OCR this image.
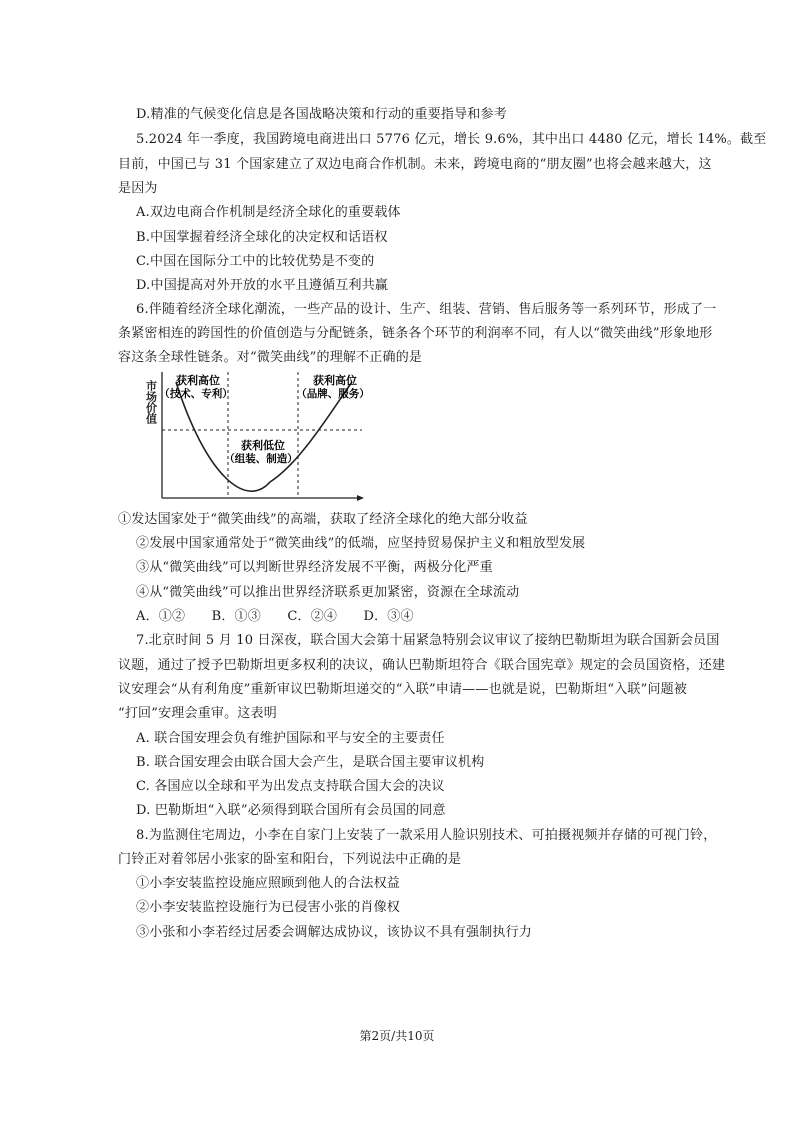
D.精准的气候变化信息是各国战略决策和行动的重要指导和参考
5.2024 年一季度，我国跨境电商进出口 5776 亿元，增长 9.6%，其中出口 4480 亿元，增长 14%。截至
目前，中国已与 31 个国家建立了双边电商合作机制。未来，跨境电商的“朋友圈”也将会越来越大，这
是因为
A.双边电商合作机制是经济全球化的重要载体
B.中国掌握着经济全球化的决定权和话语权
C.中国在国际分工中的比较优势是不变的
D.中国提高对外开放的水平且遵循互利共赢
6.伴随着经济全球化潮流，一些产品的设计、生产、组装、营销、售后服务等一系列环节，形成了一
条紧密相连的跨国性的价值创造与分配链条，链条各个环节的利润率不同，有人以“微笑曲线”形象地形
容这条全球性链条。对“微笑曲线”的理解不正确的是
市场价值 获利高位
（技术、专利）
获利高位
（品牌、服务）
获利低位
（组装、制造）
①发达国家处于“微笑曲线”的高端，获取了经济全球化的绝大部分收益
②发展中国家通常处于“微笑曲线”的低端，应坚持贸易保护主义和粗放型发展
③从“微笑曲线”可以判断世界经济发展不平衡，两极分化严重
④从“微笑曲线”可以推出世界经济联系更加紧密，资源在全球流动
A．①②　　B．①③　　C．②④　　D．③④
7.北京时间 5 月 10 日深夜，联合国大会第十届紧急特别会议审议了接纳巴勒斯坦为联合国新会员国
议题，通过了授予巴勒斯坦更多权利的决议，确认巴勒斯坦符合《联合国宪章》规定的会员国资格，还建
议安理会“从有利角度”重新审议巴勒斯坦递交的“入联”申请——也就是说，巴勒斯坦“入联”问题被
“打回”安理会重审。这表明
A. 联合国安理会负有维护国际和平与安全的主要责任
B. 联合国安理会由联合国大会产生，是联合国主要审议机构
C. 各国应以全球和平为出发点支持联合国大会的决议
D. 巴勒斯坦“入联”必须得到联合国所有会员国的同意
8.为监测住宅周边，小李在自家门上安装了一款采用人脸识别技术、可拍摄视频并存储的可视门铃，
门铃正对着邻居小张家的卧室和阳台，下列说法中正确的是
①小李安装监控设施应照顾到他人的合法权益
②小李安装监控设施行为已侵害小张的肖像权
③小张和小李若经过居委会调解达成协议，该协议不具有强制执行力
第2页/共10页
